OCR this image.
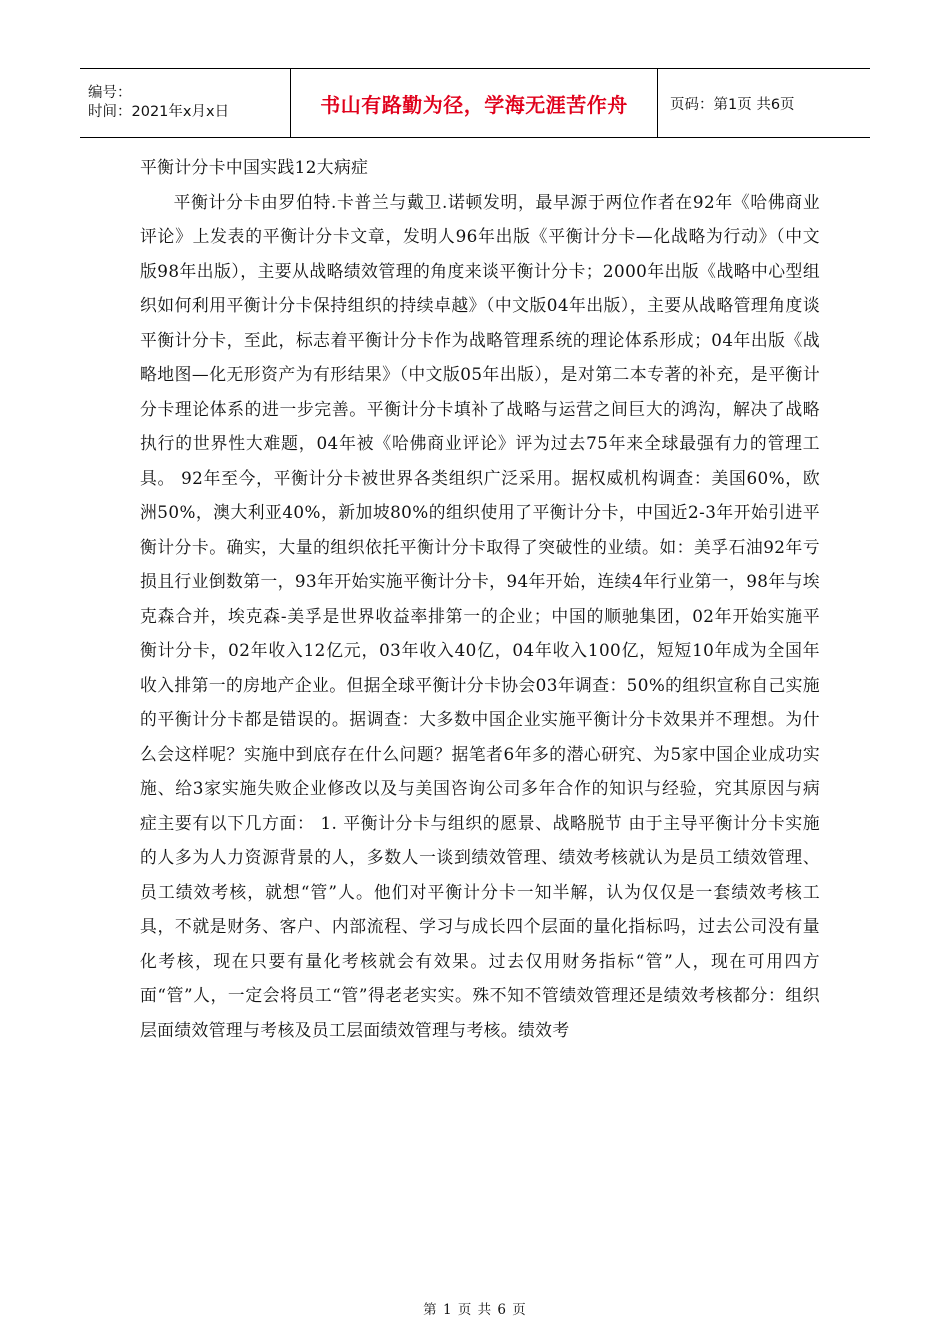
编号：
时间：2021年x月x日	书山有路勤为径，学海无涯苦作舟	页码：第1页 共6页

平衡计分卡中国实践12大病症

平衡计分卡由罗伯特.卡普兰与戴卫.诺顿发明，最早源于两位作者在92年《哈佛商业评论》上发表的平衡计分卡文章，发明人96年出版《平衡计分卡—化战略为行动》（中文版98年出版），主要从战略绩效管理的角度来谈平衡计分卡；2000年出版《战略中心型组织如何利用平衡计分卡保持组织的持续卓越》（中文版04年出版），主要从战略管理角度谈平衡计分卡，至此，标志着平衡计分卡作为战略管理系统的理论体系形成；04年出版《战略地图—化无形资产为有形结果》（中文版05年出版），是对第二本专著的补充，是平衡计分卡理论体系的进一步完善。平衡计分卡填补了战略与运营之间巨大的鸿沟，解决了战略执行的世界性大难题，04年被《哈佛商业评论》评为过去75年来全球最强有力的管理工具。 92年至今，平衡计分卡被世界各类组织广泛采用。据权威机构调查：美国60%，欧洲50%，澳大利亚40%，新加坡80%的组织使用了平衡计分卡，中国近2-3年开始引进平衡计分卡。确实，大量的组织依托平衡计分卡取得了突破性的业绩。如：美孚石油92年亏损且行业倒数第一，93年开始实施平衡计分卡，94年开始，连续4年行业第一，98年与埃克森合并，埃克森-美孚是世界收益率排第一的企业；中国的顺驰集团，02年开始实施平衡计分卡，02年收入12亿元，03年收入40亿，04年收入100亿，短短10年成为全国年收入排第一的房地产企业。但据全球平衡计分卡协会03年调查：50%的组织宣称自己实施的平衡计分卡都是错误的。据调查：大多数中国企业实施平衡计分卡效果并不理想。为什么会这样呢？实施中到底存在什么问题？据笔者6年多的潜心研究、为5家中国企业成功实施、给3家实施失败企业修改以及与美国咨询公司多年合作的知识与经验，究其原因与病症主要有以下几方面： 1. 平衡计分卡与组织的愿景、战略脱节 由于主导平衡计分卡实施的人多为人力资源背景的人，多数人一谈到绩效管理、绩效考核就认为是员工绩效管理、员工绩效考核，就想“管”人。他们对平衡计分卡一知半解，认为仅仅是一套绩效考核工具，不就是财务、客户、内部流程、学习与成长四个层面的量化指标吗，过去公司没有量化考核，现在只要有量化考核就会有效果。过去仅用财务指标“管”人，现在可用四方面“管”人，一定会将员工“管”得老老实实。殊不知不管绩效管理还是绩效考核都分：组织层面绩效管理与考核及员工层面绩效管理与考核。绩效考

第 1 页 共 6 页
